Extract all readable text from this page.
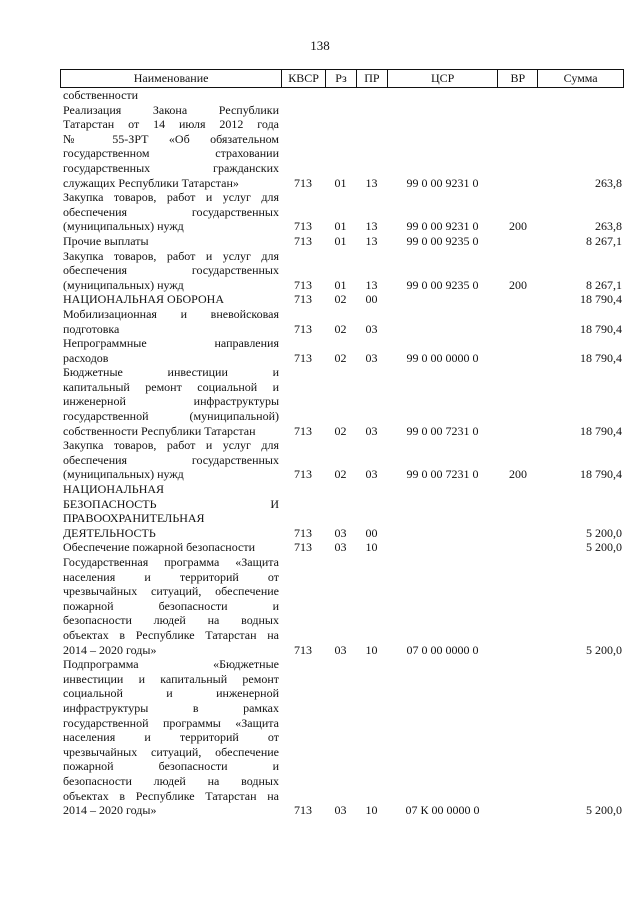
138
Наименование	КВСР	Рз	ПР	ЦСР	ВР	Сумма
собственности
Реализация Закона Республики
Татарстан от 14 июля 2012 года
№ 55-ЗРТ «Об обязательном
государственном страховании
государственных гражданских
служащих Республики Татарстан»	713	01	13	99 0 00 9231 0	263,8
Закупка товаров, работ и услуг для
обеспечения государственных
(муниципальных) нужд	713	01	13	99 0 00 9231 0	200	263,8
Прочие выплаты	713	01	13	99 0 00 9235 0	8 267,1
Закупка товаров, работ и услуг для
обеспечения государственных
(муниципальных) нужд	713	01	13	99 0 00 9235 0	200	8 267,1
НАЦИОНАЛЬНАЯ ОБОРОНА	713	02	00	18 790,4
Мобилизационная и вневойсковая
подготовка	713	02	03	18 790,4
Непрограммные направления
расходов	713	02	03	99 0 00 0000 0	18 790,4
Бюджетные инвестиции и
капитальный ремонт социальной и
инженерной инфраструктуры
государственной (муниципальной)
собственности Республики Татарстан	713	02	03	99 0 00 7231 0	18 790,4
Закупка товаров, работ и услуг для
обеспечения государственных
(муниципальных) нужд	713	02	03	99 0 00 7231 0	200	18 790,4
НАЦИОНАЛЬНАЯ
БЕЗОПАСНОСТЬ И
ПРАВООХРАНИТЕЛЬНАЯ
ДЕЯТЕЛЬНОСТЬ	713	03	00	5 200,0
Обеспечение пожарной безопасности	713	03	10	5 200,0
Государственная программа «Защита
населения и территорий от
чрезвычайных ситуаций, обеспечение
пожарной безопасности и
безопасности людей на водных
объектах в Республике Татарстан на
2014 – 2020 годы»	713	03	10	07 0 00 0000 0	5 200,0
Подпрограмма «Бюджетные
инвестиции и капитальный ремонт
социальной и инженерной
инфраструктуры в рамках
государственной программы «Защита
населения и территорий от
чрезвычайных ситуаций, обеспечение
пожарной безопасности и
безопасности людей на водных
объектах в Республике Татарстан на
2014 – 2020 годы»	713	03	10	07 К 00 0000 0	5 200,0
